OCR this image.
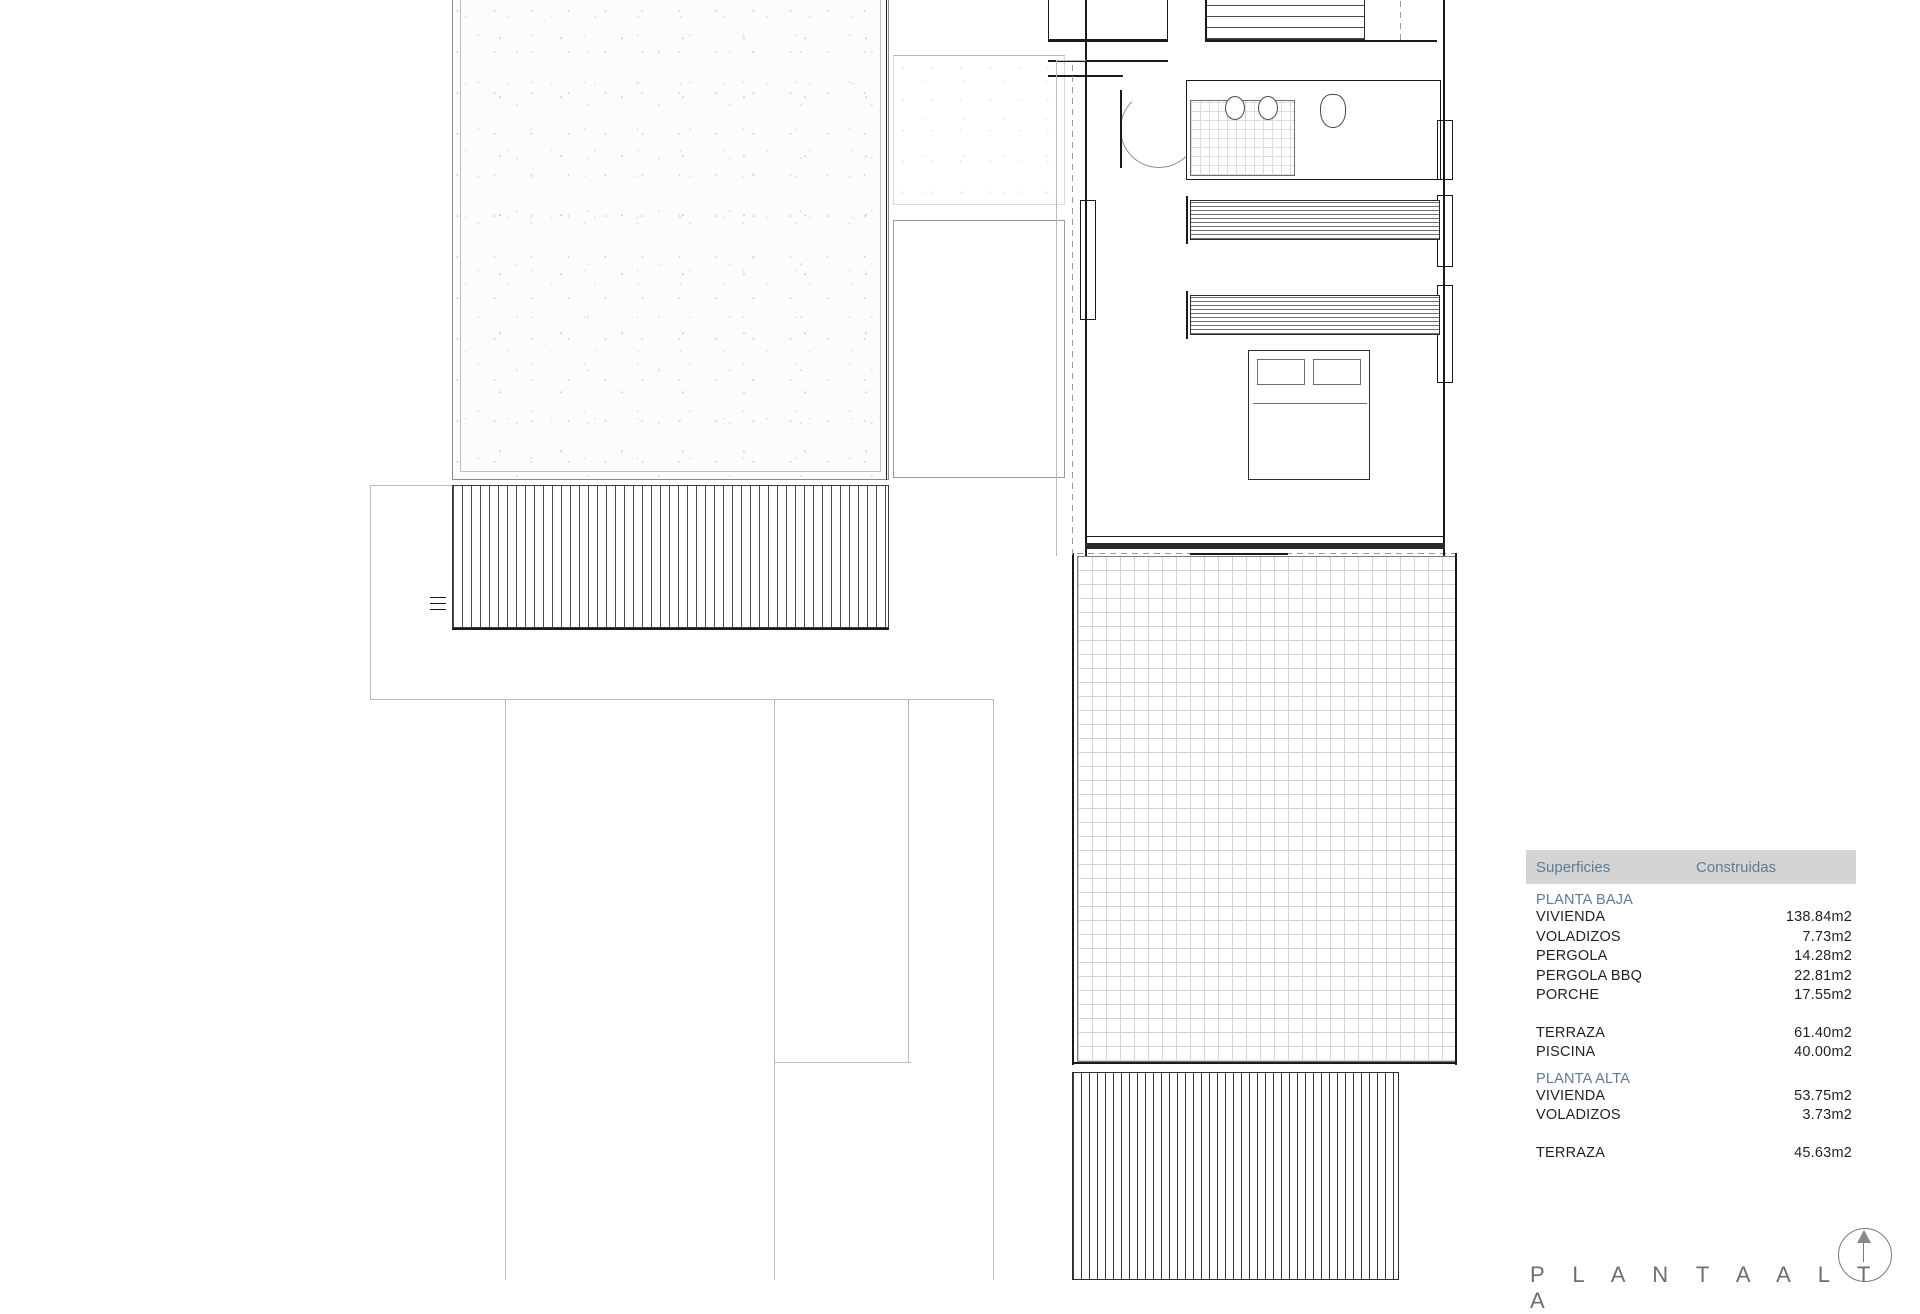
Superficies	Construidas
PLANTA BAJA
VIVIENDA	138.84m2
VOLADIZOS	7.73m2
PERGOLA	14.28m2
PERGOLA BBQ	22.81m2
PORCHE	17.55m2
TERRAZA	61.40m2
PISCINA	40.00m2
PLANTA ALTA
VIVIENDA	53.75m2
VOLADIZOS	3.73m2
TERRAZA	45.63m2
P L A N T A A L T A
